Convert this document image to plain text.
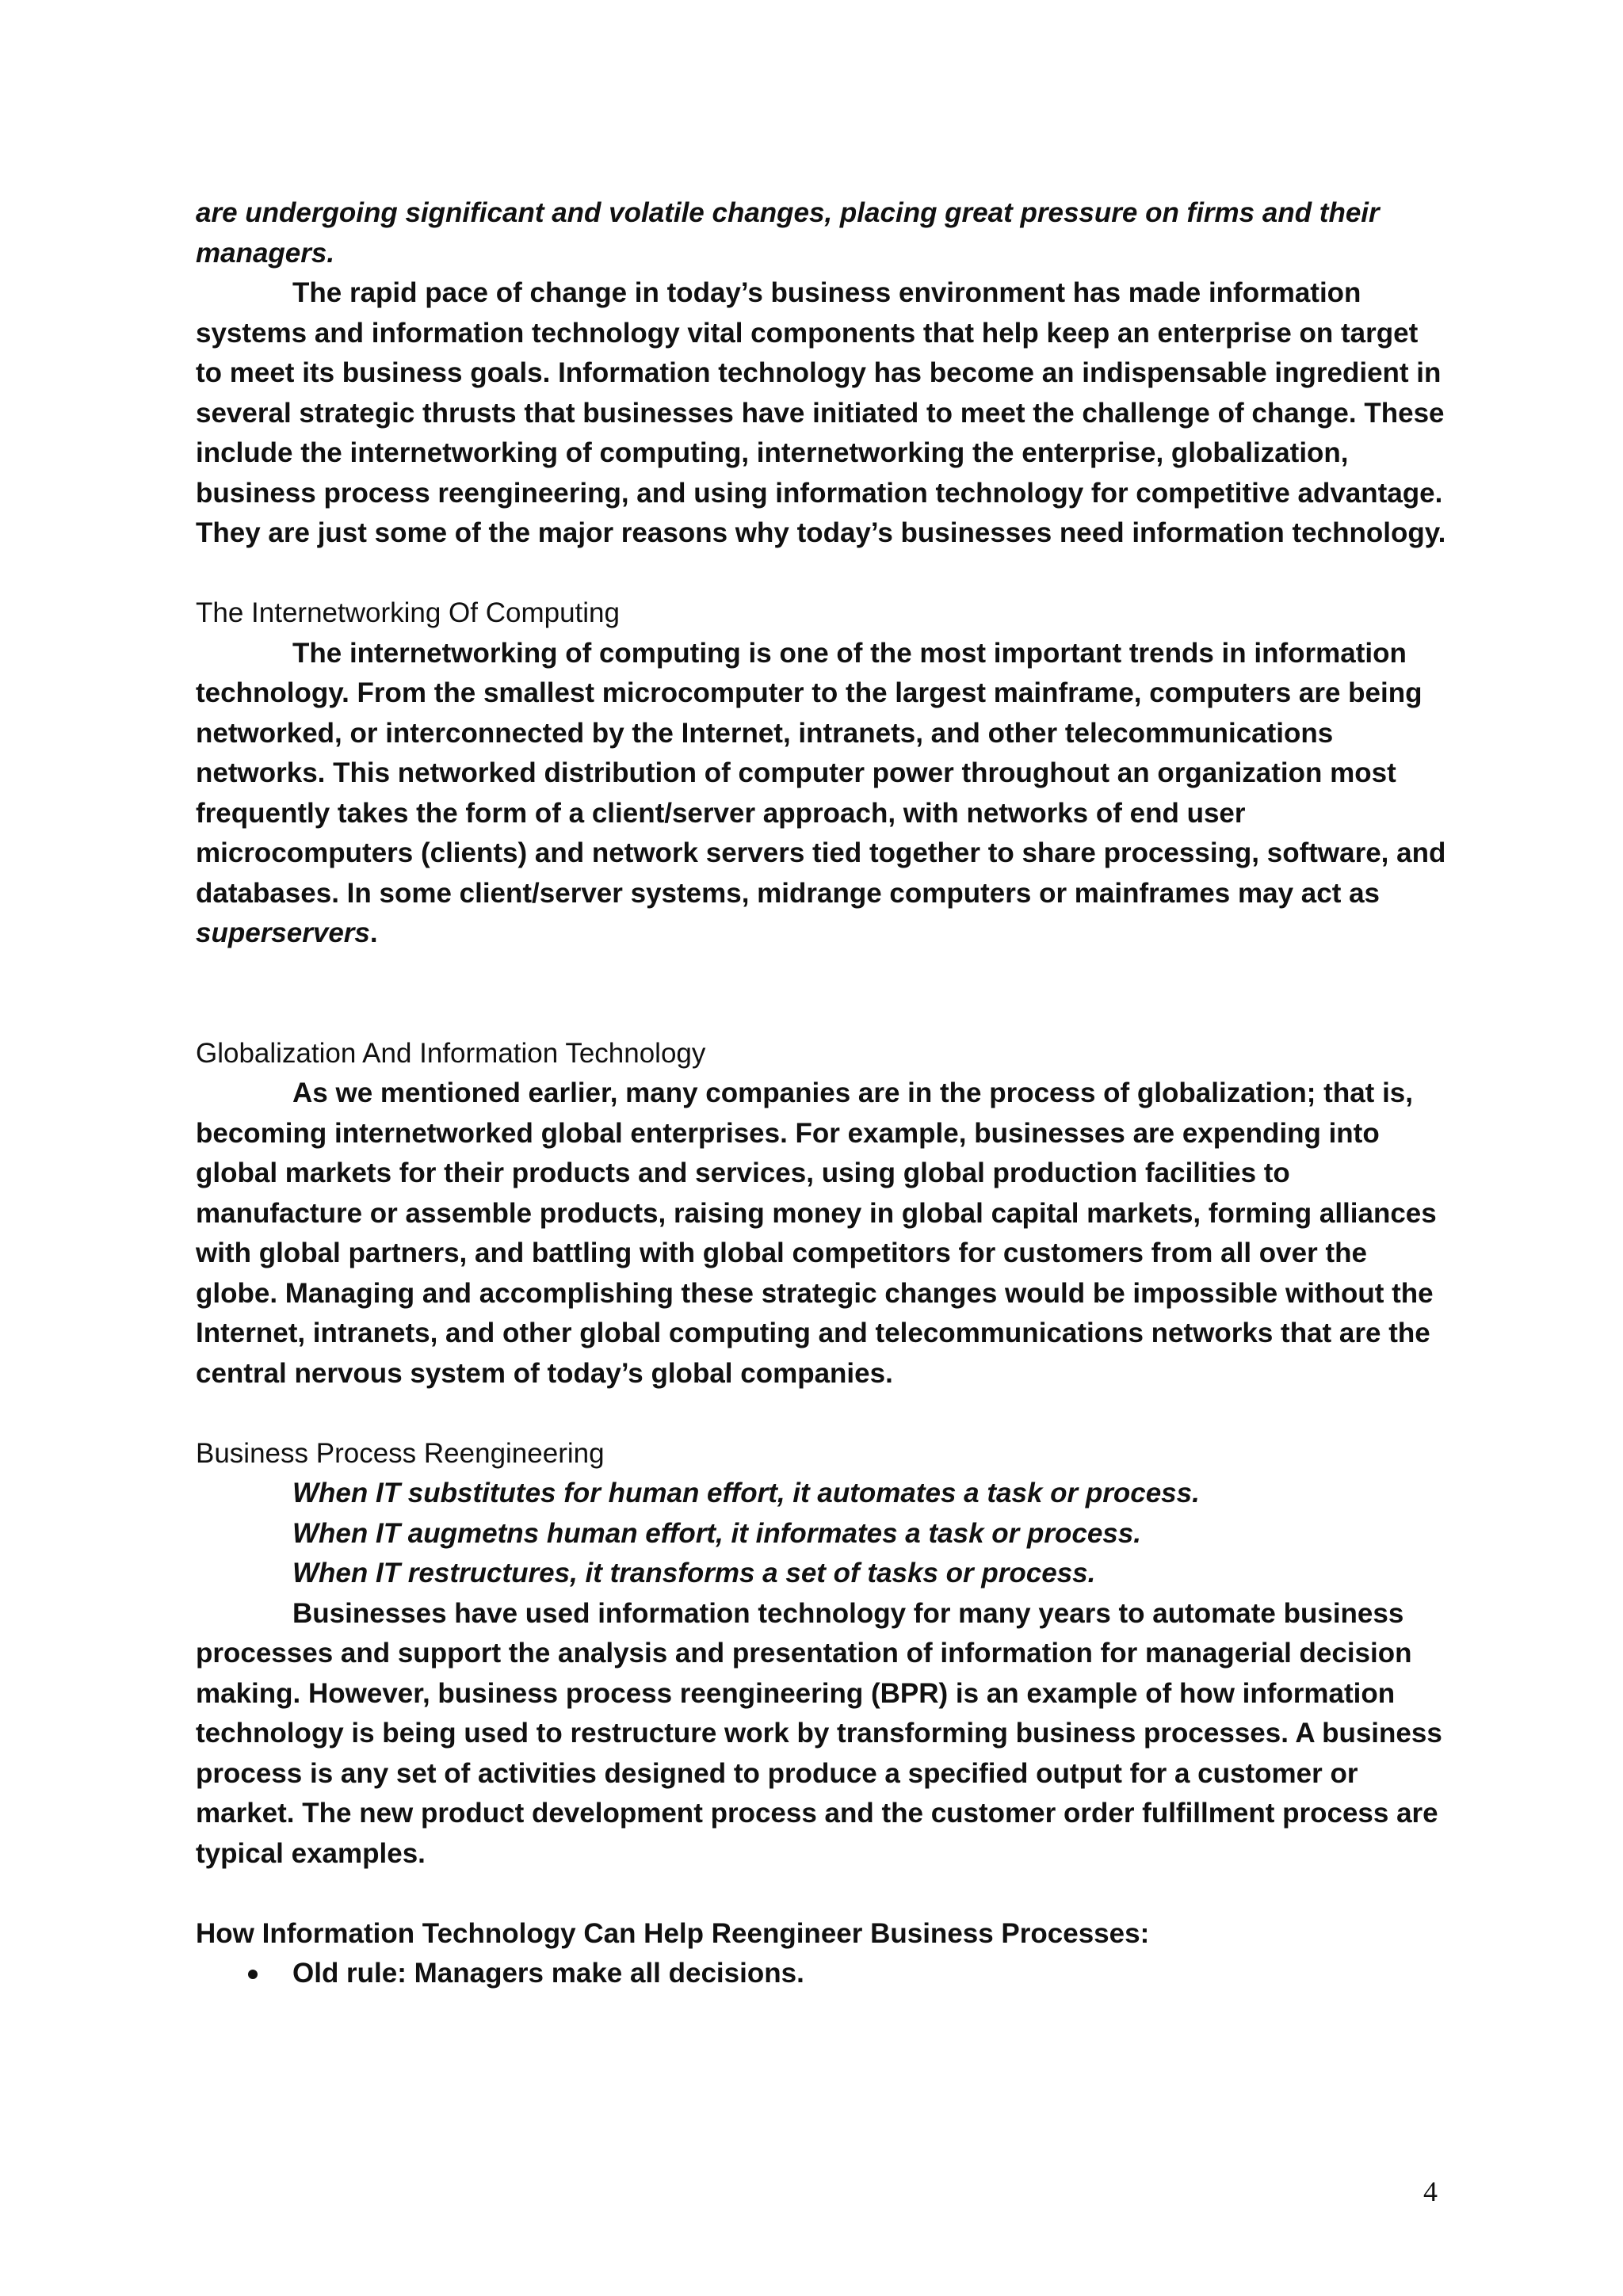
are undergoing significant and volatile changes, placing great pressure on firms and their managers.

The rapid pace of change in today’s business environment has made information systems and information technology vital components that help keep an enterprise on target to meet its business goals. Information technology has become an indispensable ingredient in several strategic thrusts that businesses have initiated to meet the challenge of change. These include the internetworking of computing, internetworking the enterprise, globalization, business process reengineering, and using information technology for competitive advantage. They are just some of the major reasons why today’s businesses need information technology.

The Internetworking Of Computing

The internetworking of computing is one of the most important trends in information technology. From the smallest microcomputer to the largest mainframe, computers are being networked, or interconnected by the Internet, intranets, and other telecommunications networks. This networked distribution of computer power throughout an organization most frequently takes the form of a client/server approach, with networks of end user microcomputers (clients) and network servers tied together to share processing, software, and databases. In some client/server systems, midrange computers or mainframes may act as superservers.

Globalization And Information Technology

As we mentioned earlier, many companies are in the process of globalization; that is, becoming internetworked global enterprises. For example, businesses are expending into global markets for their products and services, using global production facilities to manufacture or assemble products, raising money in global capital markets, forming alliances with global partners, and battling with global competitors for customers from all over the globe. Managing and accomplishing these strategic changes would be impossible without the Internet, intranets, and other global computing and telecommunications networks that are the central nervous system of today’s global companies.

Business Process Reengineering

When IT substitutes for human effort, it automates a task or process.

When IT augmetns human effort, it informates a task or process.

When IT restructures, it transforms a set of tasks or process.

Businesses have used information technology for many years to automate business processes and support the analysis and presentation of information for managerial decision making. However, business process reengineering (BPR) is an example of how information technology is being used to restructure work by transforming business processes. A business process is any set of activities designed to produce a specified output for a customer or market. The new product development process and the customer order fulfillment process are typical examples.

How Information Technology Can Help Reengineer Business Processes:

Old rule: Managers make all decisions.
4
